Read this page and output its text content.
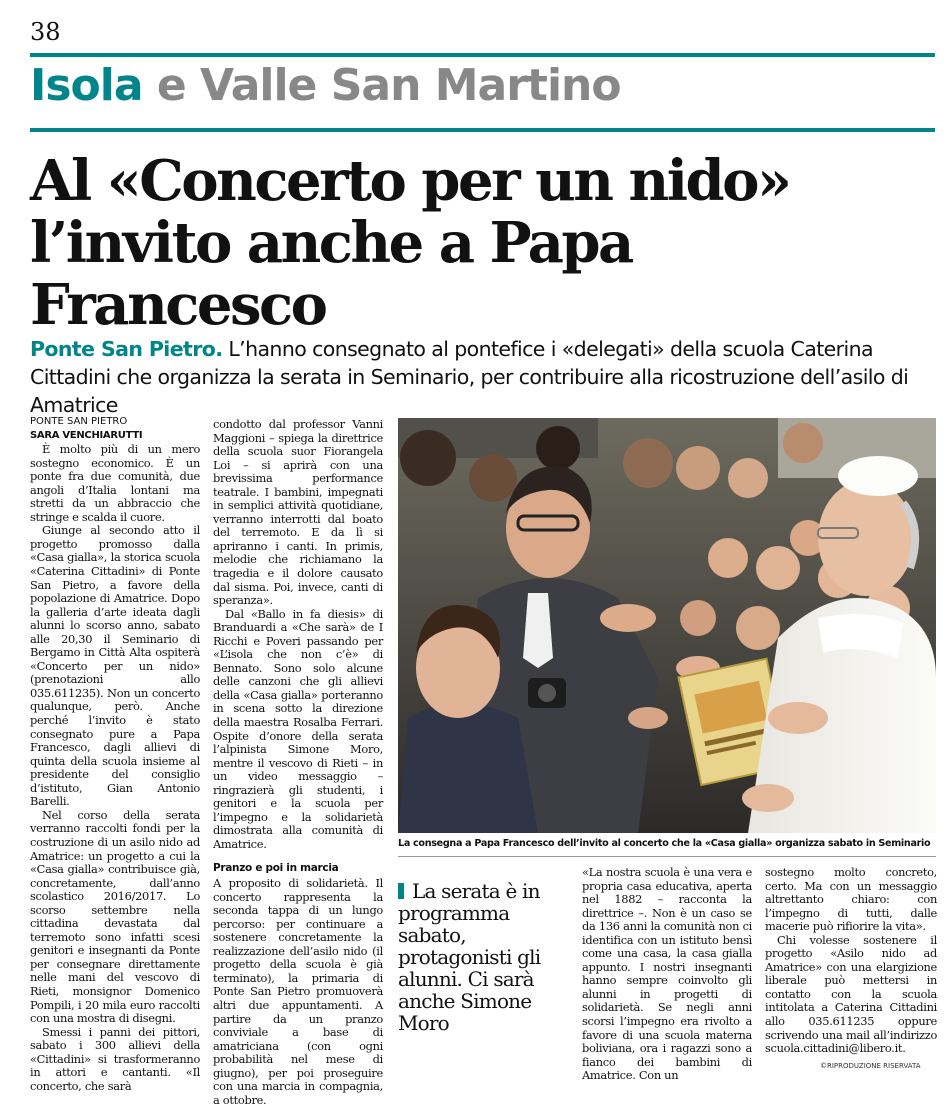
38
Isola e Valle San Martino
Al «Concerto per un nido»
l’invito anche a Papa Francesco
Ponte San Pietro. L’hanno consegnato al pontefice i «delegati» della scuola Caterina Cittadini che organizza la serata in Seminario, per contribuire alla ricostruzione dell’asilo di Amatrice
PONTE SAN PIETRO
SARA VENCHIARUTTI

È molto più di un mero sostegno economico. È un ponte fra due comunità, due angoli d’Italia lontani ma stretti da un abbraccio che stringe e scalda il cuore.

Giunge al secondo atto il progetto promosso dalla «Casa gialla», la storica scuola «Caterina Cittadini» di Ponte San Pietro, a favore della popolazione di Amatrice. Dopo la galleria d’arte ideata dagli alunni lo scorso anno, sabato alle 20,30 il Seminario di Bergamo in Città Alta ospiterà «Concerto per un nido» (prenotazioni allo 035.611235). Non un concerto qualunque, però. Anche perché l’invito è stato consegnato pure a Papa Francesco, dagli allievi di quinta della scuola insieme al presidente del consiglio d’istituto, Gian Antonio Barelli.

Nel corso della serata verranno raccolti fondi per la costruzione di un asilo nido ad Amatrice: un progetto a cui la «Casa gialla» contribuisce già, concretamente, dall’anno scolastico 2016/2017. Lo scorso settembre nella cittadina devastata dal terremoto sono infatti scesi genitori e insegnanti da Ponte per consegnare direttamente nelle mani del vescovo di Rieti, monsignor Domenico Pompili, i 20 mila euro raccolti con una mostra di disegni.

Smessi i panni dei pittori, sabato i 300 allievi della «Cittadini» si trasformeranno in attori e cantanti. «Il concerto, che sarà

condotto dal professor Vanni Maggioni – spiega la direttrice della scuola suor Fiorangela Loi – si aprirà con una brevissima performance teatrale. I bambini, impegnati in semplici attività quotidiane, verranno interrotti dal boato del terremoto. E da lì si apriranno i canti. In primis, melodie che richiamano la tragedia e il dolore causato dal sisma. Poi, invece, canti di speranza».

Dal «Ballo in fa diesis» di Branduardi a «Che sarà» de I Ricchi e Poveri passando per «L’isola che non c’è» di Bennato. Sono solo alcune delle canzoni che gli allievi della «Casa gialla» porteranno in scena sotto la direzione della maestra Rosalba Ferrari. Ospite d’onore della serata l’alpinista Simone Moro, mentre il vescovo di Rieti – in un video messaggio – ringrazierà gli studenti, i genitori e la scuola per l’impegno e la solidarietà dimostrata alla comunità di Amatrice.

Pranzo e poi in marcia

A proposito di solidarietà. Il concerto rappresenta la seconda tappa di un lungo percorso: per continuare a sostenere concretamente la realizzazione dell’asilo nido (il progetto della scuola è già terminato), la primaria di Ponte San Pietro promuoverà altri due appuntamenti. A partire da un pranzo conviviale a base di amatriciana (con ogni probabilità nel mese di giugno), per poi proseguire con una marcia in compagnia, a ottobre.

La consegna a Papa Francesco dell’invito al concerto che la «Casa gialla» organizza sabato in Seminario
La serata è in programma sabato, protagonisti gli alunni. Ci sarà anche Simone Moro

«La nostra scuola è una vera e propria casa educativa, aperta nel 1882 – racconta la direttrice –. Non è un caso se da 136 anni la comunità non ci identifica con un istituto bensì come una casa, la casa gialla appunto. I nostri insegnanti hanno sempre coinvolto gli alunni in progetti di solidarietà. Se negli anni scorsi l’impegno era rivolto a favore di una scuola materna boliviana, ora i ragazzi sono a fianco dei bambini di Amatrice. Con un

sostegno molto concreto, certo. Ma con un messaggio altrettanto chiaro: con l’impegno di tutti, dalle macerie può rifiorire la vita».

Chi volesse sostenere il progetto «Asilo nido ad Amatrice» con una elargizione liberale può mettersi in contatto con la scuola intitolata a Caterina Cittadini allo 035.611235 oppure scrivendo una mail all’indirizzo scuola.cittadini@libero.it.

©RIPRODUZIONE RISERVATA
